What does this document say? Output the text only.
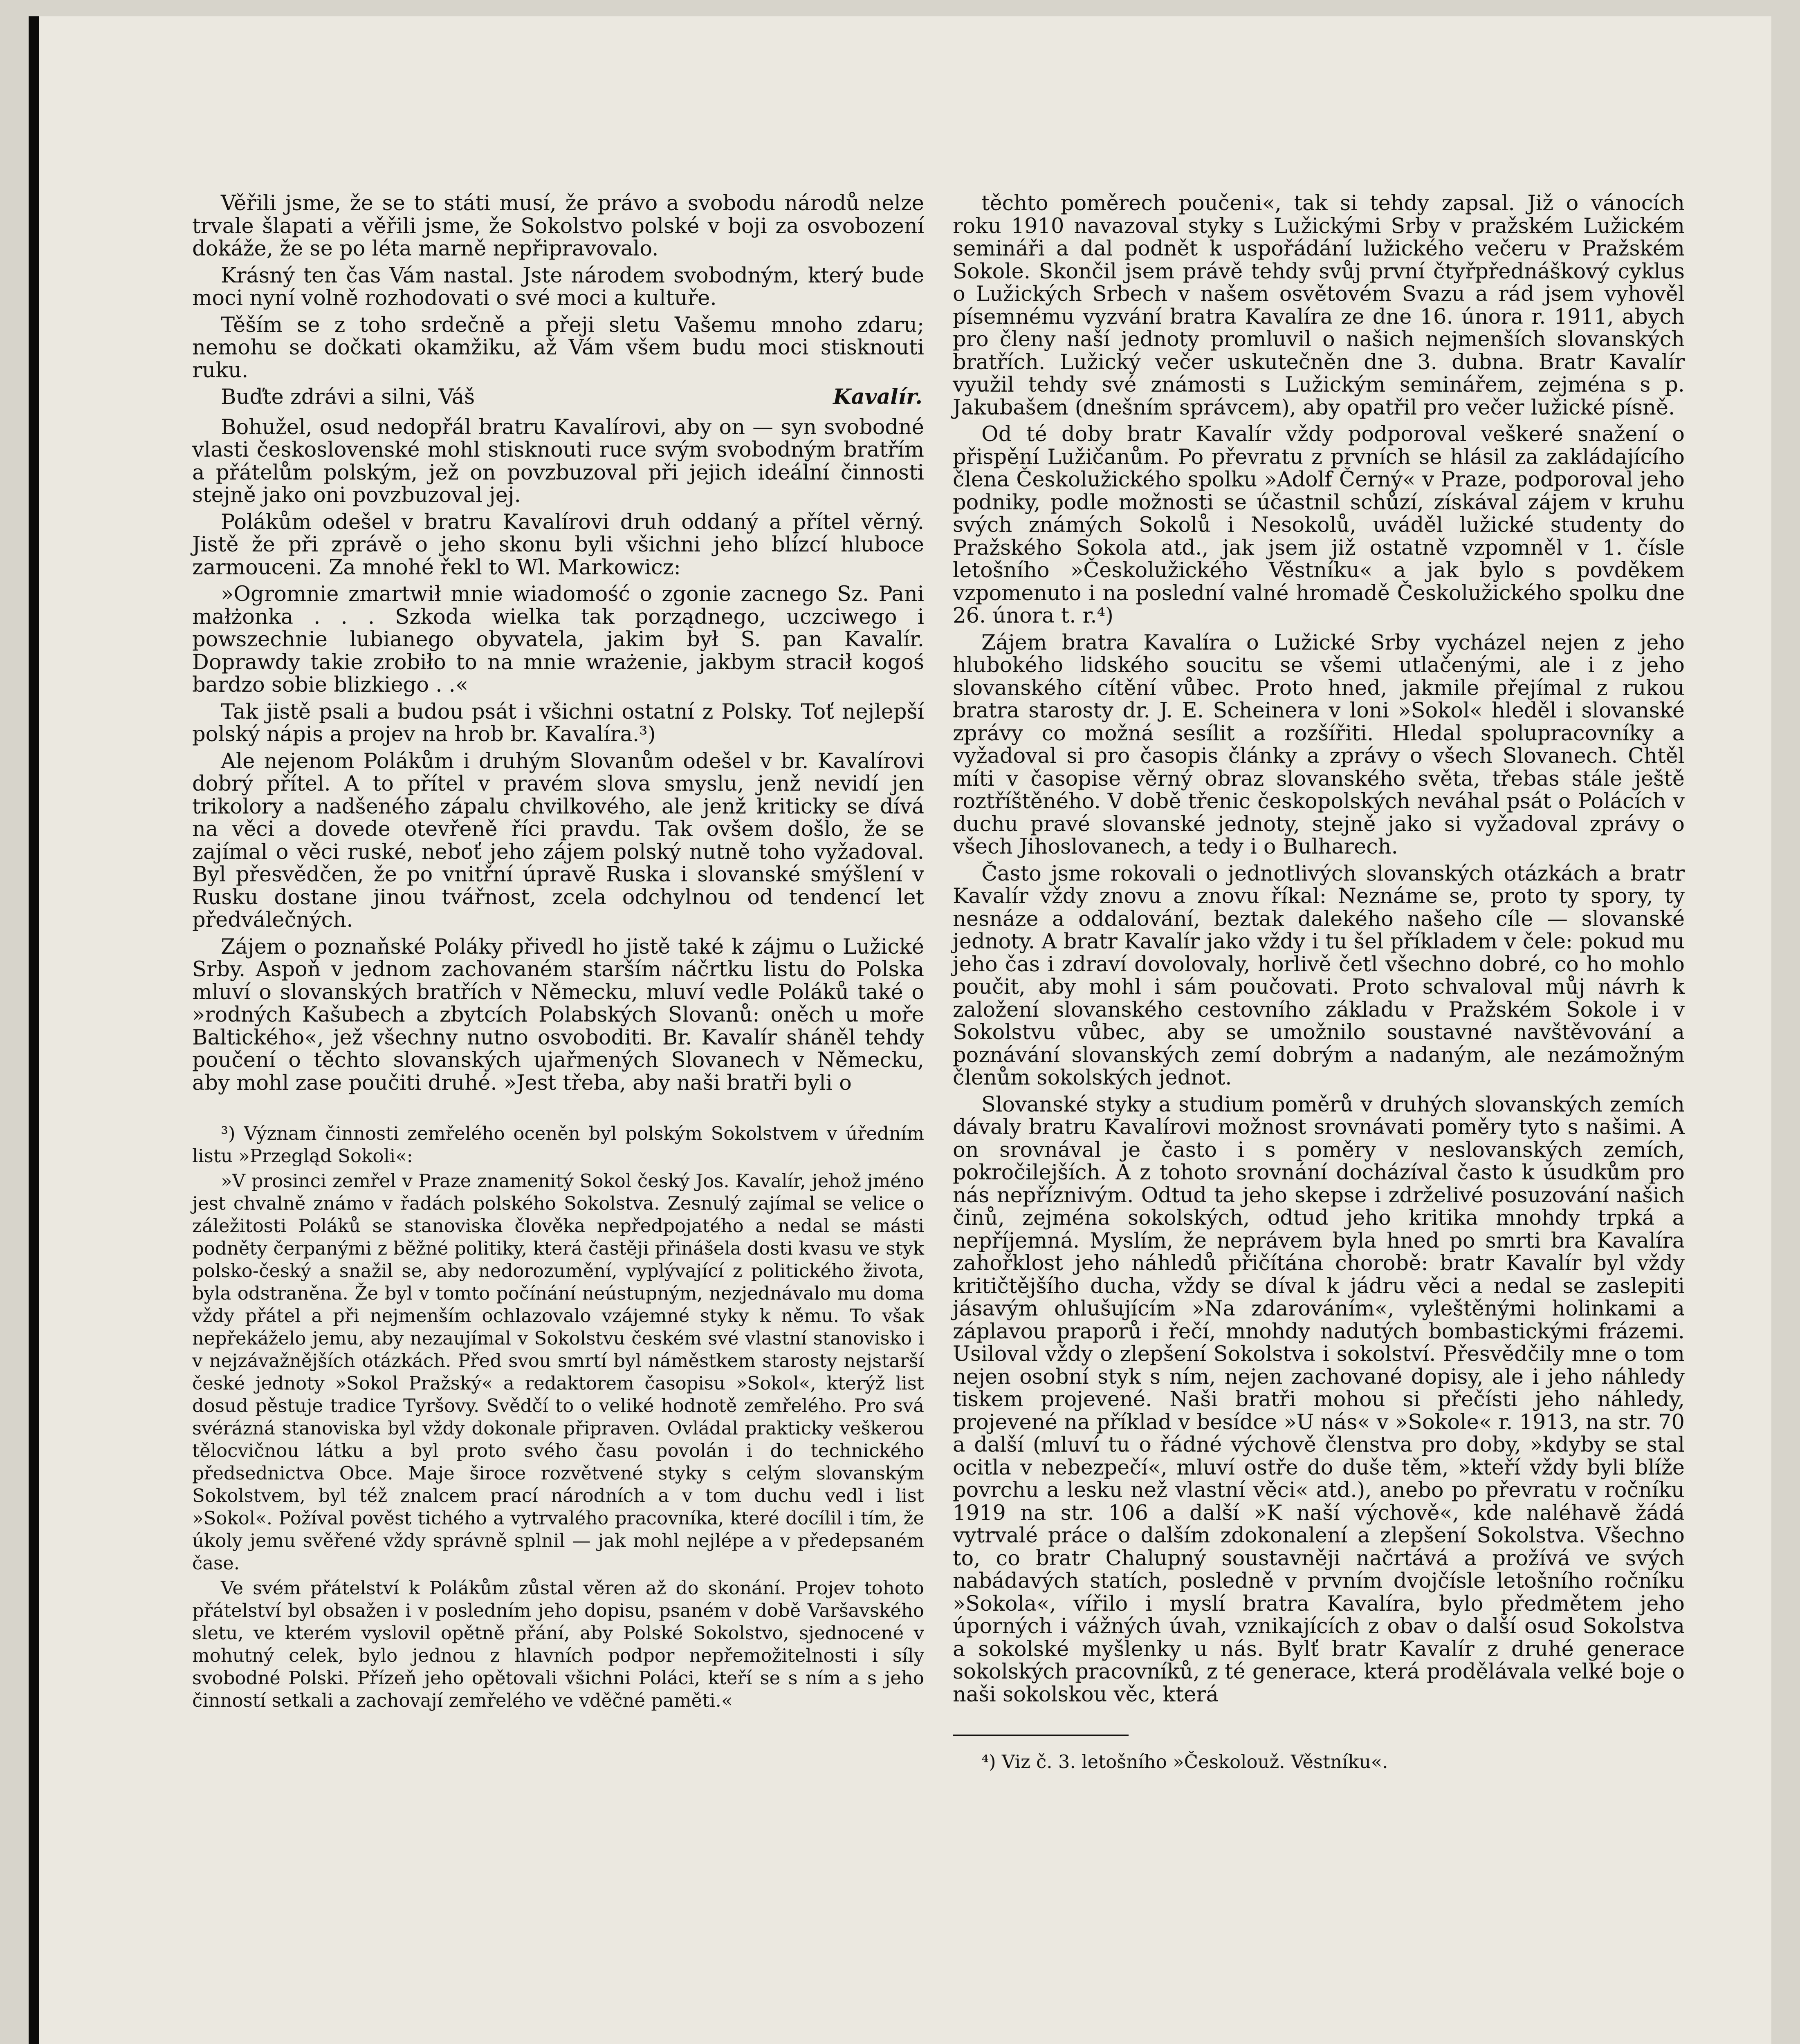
Věřili jsme, že se to státi musí, že právo a svobodu národů nelze trvale šlapati a věřili jsme, že Sokolstvo polské v boji za osvobození dokáže, že se po léta marně nepřipravovalo.

Krásný ten čas Vám nastal. Jste národem svobodným, který bude moci nyní volně rozhodovati o své moci a kultuře.

Těším se z toho srdečně a přeji sletu Vašemu mnoho zdaru; nemohu se dočkati okamžiku, až Vám všem budu moci stisknouti ruku.

Buďte zdrávi a silni, Váš	Kavalír.

Bohužel, osud nedopřál bratru Kavalírovi, aby on — syn svobodné vlasti československé mohl stisknouti ruce svým svobodným bratřím a přátelům polským, jež on povzbuzoval při jejich ideální činnosti stejně jako oni povzbuzoval jej.

Polákům odešel v bratru Kavalírovi druh oddaný a přítel věrný. Jistě že při zprávě o jeho skonu byli všichni jeho blízcí hluboce zarmouceni. Za mnohé řekl to Wl. Markowicz:

»Ogromnie zmartwił mnie wiadomość o zgonie zacnego Sz. Pani małżonka . . . Szkoda wielka tak porządnego, uczciwego i powszechnie lubianego obyvatela, jakim był S. pan Kavalír. Doprawdy takie zrobiło to na mnie wrażenie, jakbym stracił kogoś bardzo sobie blizkiego . .«

Tak jistě psali a budou psát i všichni ostatní z Polsky. Toť nejlepší polský nápis a projev na hrob br. Kavalíra.³)

Ale nejenom Polákům i druhým Slovanům odešel v br. Kavalírovi dobrý přítel. A to přítel v pravém slova smyslu, jenž nevidí jen trikolory a nadšeného zápalu chvilkového, ale jenž kriticky se dívá na věci a dovede otevřeně říci pravdu. Tak ovšem došlo, že se zajímal o věci ruské, neboť jeho zájem polský nutně toho vyžadoval. Byl přesvědčen, že po vnitřní úpravě Ruska i slovanské smýšlení v Rusku dostane jinou tvářnost, zcela odchylnou od tendencí let předválečných.

Zájem o poznaňské Poláky přivedl ho jistě také k zájmu o Lužické Srby. Aspoň v jednom zachovaném starším náčrtku listu do Polska mluví o slovanských bratřích v Německu, mluví vedle Poláků také o »rodných Kašubech a zbytcích Polabských Slovanů: oněch u moře Baltického«, jež všechny nutno osvoboditi. Br. Kavalír sháněl tehdy poučení o těchto slovanských ujařmených Slovanech v Německu, aby mohl zase poučiti druhé. »Jest třeba, aby naši bratři byli o

³) Význam činnosti zemřelého oceněn byl polským Sokolstvem v úředním listu »Przegląd Sokoli«:

»V prosinci zemřel v Praze znamenitý Sokol český Jos. Kavalír, jehož jméno jest chvalně známo v řadách polského Sokolstva. Zesnulý zajímal se velice o záležitosti Poláků se stanoviska člověka nepředpojatého a nedal se másti podněty čerpanými z běžné politiky, která častěji přinášela dosti kvasu ve styk polsko-český a snažil se, aby nedorozumění, vyplývající z politického života, byla odstraněna. Že byl v tomto počínání neústupným, nezjednávalo mu doma vždy přátel a při nejmenším ochlazovalo vzájemné styky k němu. To však nepřekáželo jemu, aby nezaujímal v Sokolstvu českém své vlastní stanovisko i v nejzávažnějších otázkách. Před svou smrtí byl náměstkem starosty nejstarší české jednoty »Sokol Pražský« a redaktorem časopisu »Sokol«, kterýž list dosud pěstuje tradice Tyršovy. Svědčí to o veliké hodnotě zemřelého. Pro svá svérázná stanoviska byl vždy dokonale připraven. Ovládal prakticky veškerou tělocvičnou látku a byl proto svého času povolán i do technického předsednictva Obce. Maje široce rozvětvené styky s celým slovanským Sokolstvem, byl též znalcem prací národních a v tom duchu vedl i list »Sokol«. Požíval pověst tichého a vytrvalého pracovníka, které docílil i tím, že úkoly jemu svěřené vždy správně splnil — jak mohl nejlépe a v předepsaném čase.

Ve svém přátelství k Polákům zůstal věren až do skonání. Projev tohoto přátelství byl obsažen i v posledním jeho dopisu, psaném v době Varšavského sletu, ve kterém vyslovil opětně přání, aby Polské Sokolstvo, sjednocené v mohutný celek, bylo jednou z hlavních podpor nepřemožitelnosti i síly svobodné Polski. Přízeň jeho opětovali všichni Poláci, kteří se s ním a s jeho činností setkali a zachovají zemřelého ve vděčné paměti.«

těchto poměrech poučeni«, tak si tehdy zapsal. Již o vánocích roku 1910 navazoval styky s Lužickými Srby v pražském Lužickém semináři a dal podnět k uspořádání lužického večeru v Pražském Sokole. Skončil jsem právě tehdy svůj první čtyřpřednáškový cyklus o Lužických Srbech v našem osvětovém Svazu a rád jsem vyhověl písemnému vyzvání bratra Kavalíra ze dne 16. února r. 1911, abych pro členy naší jednoty promluvil o našich nejmenších slovanských bratřích. Lužický večer uskutečněn dne 3. dubna. Bratr Kavalír využil tehdy své známosti s Lužickým seminářem, zejména s p. Jakubašem (dnešním správcem), aby opatřil pro večer lužické písně.

Od té doby bratr Kavalír vždy podporoval veškeré snažení o přispění Lužičanům. Po převratu z prvních se hlásil za zakládajícího člena Českolužického spolku »Adolf Černý« v Praze, podporoval jeho podniky, podle možnosti se účastnil schůzí, získával zájem v kruhu svých známých Sokolů i Nesokolů, uváděl lužické studenty do Pražského Sokola atd., jak jsem již ostatně vzpomněl v 1. čísle letošního »Českolužického Věstníku« a jak bylo s povděkem vzpomenuto i na poslední valné hromadě Českolužického spolku dne 26. února t. r.⁴)

Zájem bratra Kavalíra o Lužické Srby vycházel nejen z jeho hlubokého lidského soucitu se všemi utlačenými, ale i z jeho slovanského cítění vůbec. Proto hned, jakmile přejímal z rukou bratra starosty dr. J. E. Scheinera v loni »Sokol« hleděl i slovanské zprávy co možná sesílit a rozšířiti. Hledal spolupracovníky a vyžadoval si pro časopis články a zprávy o všech Slovanech. Chtěl míti v časopise věrný obraz slovanského světa, třebas stále ještě roztříštěného. V době třenic českopolských neváhal psát o Polácích v duchu pravé slovanské jednoty, stejně jako si vyžadoval zprávy o všech Jihoslovanech, a tedy i o Bulharech.

Často jsme rokovali o jednotlivých slovanských otázkách a bratr Kavalír vždy znovu a znovu říkal: Neznáme se, proto ty spory, ty nesnáze a oddalování, beztak dalekého našeho cíle — slovanské jednoty. A bratr Kavalír jako vždy i tu šel příkladem v čele: pokud mu jeho čas i zdraví dovolovaly, horlivě četl všechno dobré, co ho mohlo poučit, aby mohl i sám poučovati. Proto schvaloval můj návrh k založení slovanského cestovního základu v Pražském Sokole i v Sokolstvu vůbec, aby se umožnilo soustavné navštěvování a poznávání slovanských zemí dobrým a nadaným, ale nezámožným členům sokolských jednot.

Slovanské styky a studium poměrů v druhých slovanských zemích dávaly bratru Kavalírovi možnost srovnávati poměry tyto s našimi. A on srovnával je často i s poměry v neslovanských zemích, pokročilejších. A z tohoto srovnání docházíval často k úsudkům pro nás nepříznivým. Odtud ta jeho skepse i zdrželivé posuzování našich činů, zejména sokolských, odtud jeho kritika mnohdy trpká a nepříjemná. Myslím, že neprávem byla hned po smrti bra Kavalíra zahořklost jeho náhledů přičítána chorobě: bratr Kavalír byl vždy kritičtějšího ducha, vždy se díval k jádru věci a nedal se zaslepiti jásavým ohlušujícím »Na zdarováním«, vyleštěnými holinkami a záplavou praporů i řečí, mnohdy nadutých bombastickými frázemi. Usiloval vždy o zlepšení Sokolstva i sokolství. Přesvědčily mne o tom nejen osobní styk s ním, nejen zachované dopisy, ale i jeho náhledy tiskem projevené. Naši bratři mohou si přečísti jeho náhledy, projevené na příklad v besídce »U nás« v »Sokole« r. 1913, na str. 70 a další (mluví tu o řádné výchově členstva pro doby, »kdyby se stal ocitla v nebezpečí«, mluví ostře do duše těm, »kteří vždy byli blíže povrchu a lesku než vlastní věci« atd.), anebo po převratu v ročníku 1919 na str. 106 a další »K naší výchově«, kde naléhavě žádá vytrvalé práce o dalším zdokonalení a zlepšení Sokolstva. Všechno to, co bratr Chalupný soustavněji načrtává a prožívá ve svých nabádavých statích, posledně v prvním dvojčísle letošního ročníku »Sokola«, vířilo i myslí bratra Kavalíra, bylo předmětem jeho úporných i vážných úvah, vznikajících z obav o další osud Sokolstva a sokolské myšlenky u nás. Bylť bratr Kavalír z druhé generace sokolských pracovníků, z té generace, která prodělávala velké boje o naši sokolskou věc, která

⁴) Viz č. 3. letošního »Českolouž. Věstníku«.
